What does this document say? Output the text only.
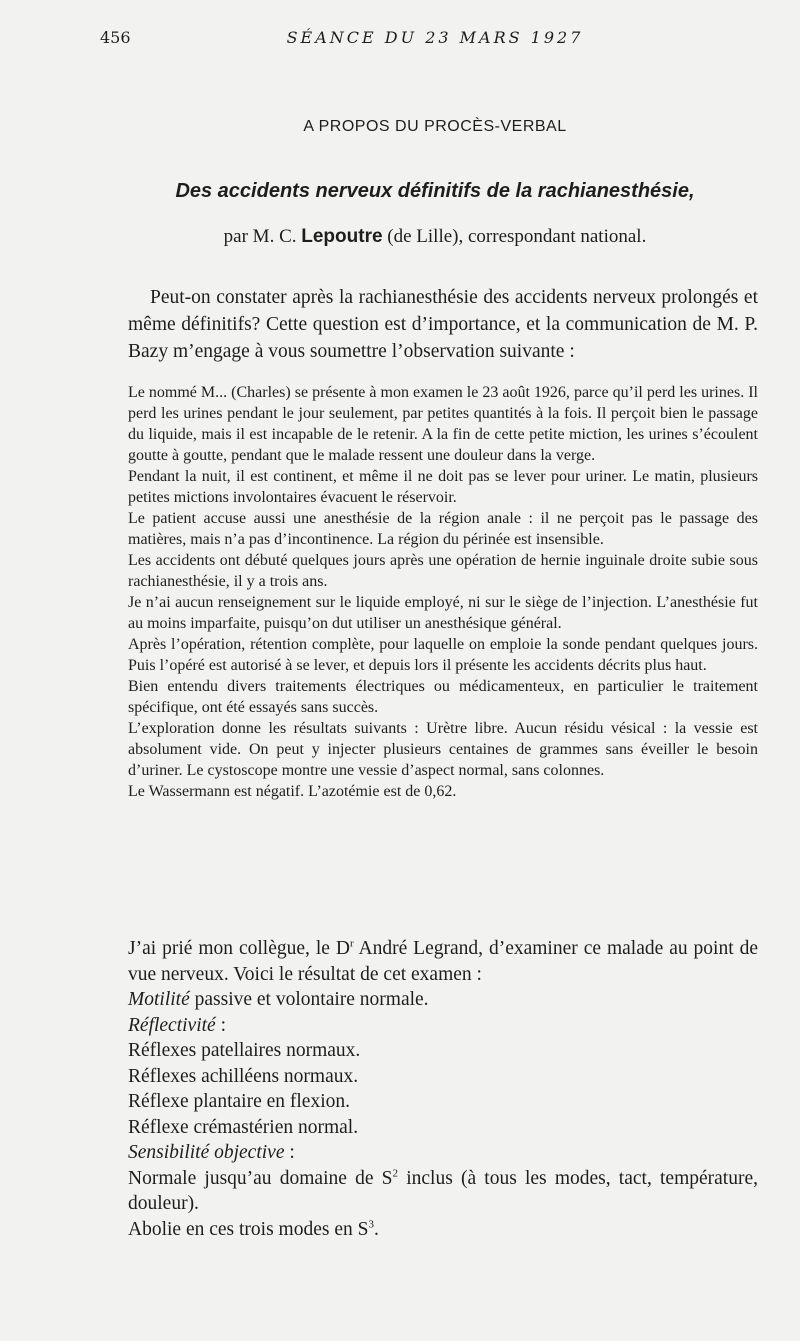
456	SÉANCE DU 23 MARS 1927
A PROPOS DU PROCÈS-VERBAL
Des accidents nerveux définitifs de la rachianesthésie,
par M. C. Lepoutre (de Lille), correspondant national.

Peut-on constater après la rachianesthésie des accidents nerveux prolongés et même définitifs? Cette question est d’importance, et la communication de M. P. Bazy m’engage à vous soumettre l’observation suivante :

Le nommé M... (Charles) se présente à mon examen le 23 août 1926, parce qu’il perd les urines. Il perd les urines pendant le jour seulement, par petites quantités à la fois. Il perçoit bien le passage du liquide, mais il est incapable de le retenir. A la fin de cette petite miction, les urines s’écoulent goutte à goutte, pendant que le malade ressent une douleur dans la verge.

Pendant la nuit, il est continent, et même il ne doit pas se lever pour uriner. Le matin, plusieurs petites mictions involontaires évacuent le réservoir.

Le patient accuse aussi une anesthésie de la région anale : il ne perçoit pas le passage des matières, mais n’a pas d’incontinence. La région du périnée est insensible.

Les accidents ont débuté quelques jours après une opération de hernie inguinale droite subie sous rachianesthésie, il y a trois ans.

Je n’ai aucun renseignement sur le liquide employé, ni sur le siège de l’injection. L’anesthésie fut au moins imparfaite, puisqu’on dut utiliser un anesthésique général.

Après l’opération, rétention complète, pour laquelle on emploie la sonde pendant quelques jours. Puis l’opéré est autorisé à se lever, et depuis lors il présente les accidents décrits plus haut.

Bien entendu divers traitements électriques ou médicamenteux, en particulier le traitement spécifique, ont été essayés sans succès.

L’exploration donne les résultats suivants : Urètre libre. Aucun résidu vésical : la vessie est absolument vide. On peut y injecter plusieurs centaines de grammes sans éveiller le besoin d’uriner. Le cystoscope montre une vessie d’aspect normal, sans colonnes.

Le Wassermann est négatif. L’azotémie est de 0,62.

J’ai prié mon collègue, le $D^r$ André Legrand, d’examiner ce malade au point de vue nerveux. Voici le résultat de cet examen :

Motilité passive et volontaire normale.

Réflectivité :

Réflexes patellaires normaux.

Réflexes achilléens normaux.

Réflexe plantaire en flexion.

Réflexe crémastérien normal.

Sensibilité objective :

Normale jusqu’au domaine de $S^2$ inclus (à tous les modes, tact, température, douleur).

Abolie en ces trois modes en $S^3$.
